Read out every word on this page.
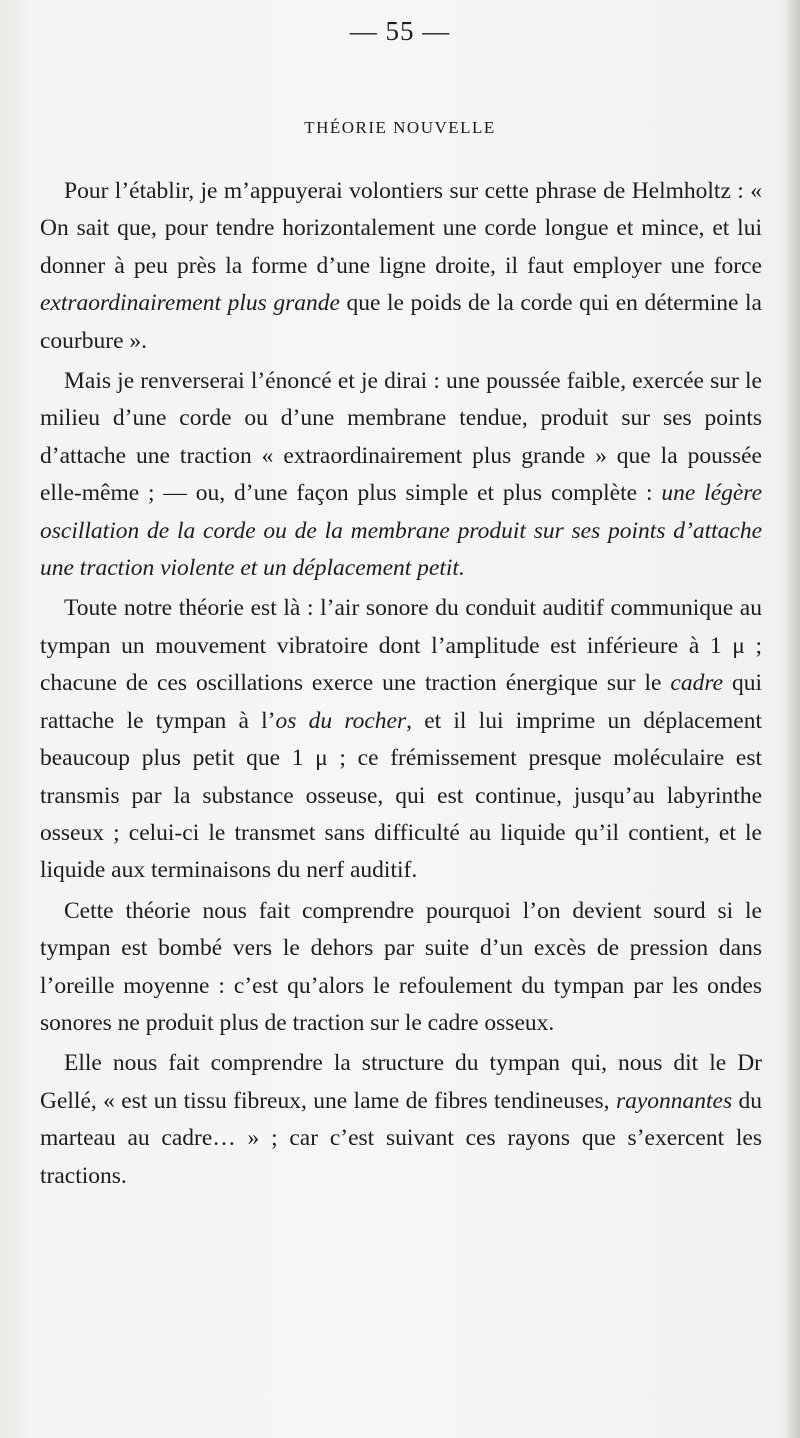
— 55 —
THÉORIE NOUVELLE

Pour l’établir, je m’appuyerai volontiers sur cette phrase de Helmholtz : « On sait que, pour tendre horizontalement une corde longue et mince, et lui donner à peu près la forme d’une ligne droite, il faut employer une force extraordinairement plus grande que le poids de la corde qui en détermine la courbure ».

Mais je renverserai l’énoncé et je dirai : une poussée faible, exercée sur le milieu d’une corde ou d’une membrane tendue, produit sur ses points d’attache une traction « extraordinairement plus grande » que la poussée elle-même ; — ou, d’une façon plus simple et plus complète : une légère oscillation de la corde ou de la membrane produit sur ses points d’attache une traction violente et un déplacement petit.

Toute notre théorie est là : l’air sonore du conduit auditif communique au tympan un mouvement vibratoire dont l’amplitude est inférieure à 1 μ ; chacune de ces oscillations exerce une traction énergique sur le cadre qui rattache le tympan à l’os du rocher, et il lui imprime un déplacement beaucoup plus petit que 1 μ ; ce frémissement presque moléculaire est transmis par la substance osseuse, qui est continue, jusqu’au labyrinthe osseux ; celui-ci le transmet sans difficulté au liquide qu’il contient, et le liquide aux terminaisons du nerf auditif.

Cette théorie nous fait comprendre pourquoi l’on devient sourd si le tympan est bombé vers le dehors par suite d’un excès de pression dans l’oreille moyenne : c’est qu’alors le refoulement du tympan par les ondes sonores ne produit plus de traction sur le cadre osseux.

Elle nous fait comprendre la structure du tympan qui, nous dit le Dr Gellé, « est un tissu fibreux, une lame de fibres tendineuses, rayonnantes du marteau au cadre… » ; car c’est suivant ces rayons que s’exercent les tractions.
